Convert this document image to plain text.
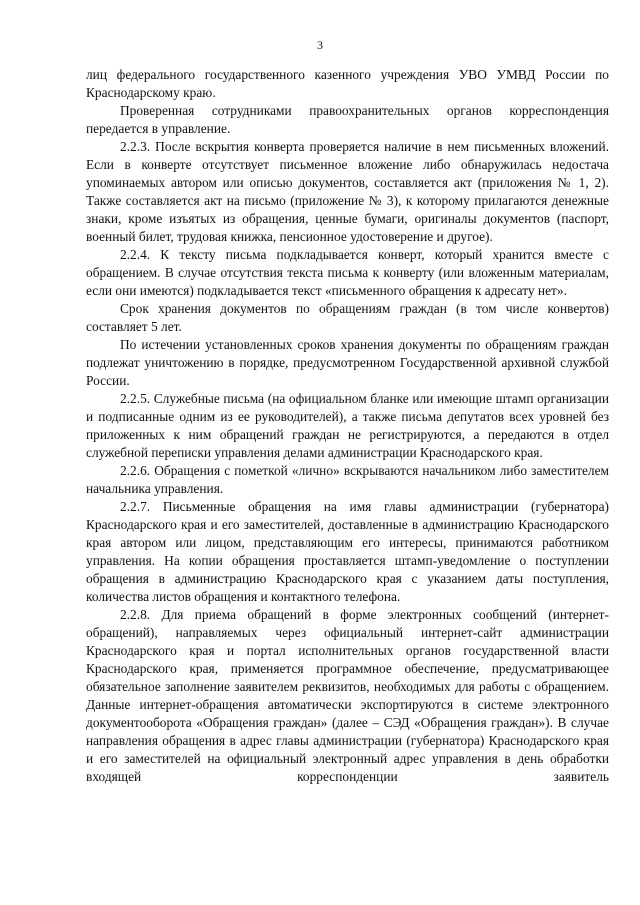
3

лиц федерального государственного казенного учреждения УВО УМВД России по Краснодарскому краю.

Проверенная сотрудниками правоохранительных органов корреспонденция передается в управление.

2.2.3. После вскрытия конверта проверяется наличие в нем письменных вложений. Если в конверте отсутствует письменное вложение либо обнаружилась недостача упоминаемых автором или описью документов, составляется акт (приложения № 1, 2). Также составляется акт на письмо (приложение № 3), к которому прилагаются денежные знаки, кроме изъятых из обращения, ценные бумаги, оригиналы документов (паспорт, военный билет, трудовая книжка, пенсионное удостоверение и другое).

2.2.4. К тексту письма подкладывается конверт, который хранится вместе с обращением. В случае отсутствия текста письма к конверту (или вложенным материалам, если они имеются) подкладывается текст «письменного обращения к адресату нет».

Срок хранения документов по обращениям граждан (в том числе конвертов) составляет 5 лет.

По истечении установленных сроков хранения документы по обращениям граждан подлежат уничтожению в порядке, предусмотренном Государственной архивной службой России.

2.2.5. Служебные письма (на официальном бланке или имеющие штамп организации и подписанные одним из ее руководителей), а также письма депутатов всех уровней без приложенных к ним обращений граждан не регистрируются, а передаются в отдел служебной переписки управления делами администрации Краснодарского края.

2.2.6. Обращения с пометкой «лично» вскрываются начальником либо заместителем начальника управления.

2.2.7. Письменные обращения на имя главы администрации (губернатора) Краснодарского края и его заместителей, доставленные в администрацию Краснодарского края автором или лицом, представляющим его интересы, принимаются работником управления. На копии обращения проставляется штамп-уведомление о поступлении обращения в администрацию Краснодарского края с указанием даты поступления, количества листов обращения и контактного телефона.

2.2.8. Для приема обращений в форме электронных сообщений (интернет-обращений), направляемых через официальный интернет-сайт администрации Краснодарского края и портал исполнительных органов государственной власти Краснодарского края, применяется программное обеспечение, предусматривающее обязательное заполнение заявителем реквизитов, необходимых для работы с обращением. Данные интернет-обращения автоматически экспортируются в системе электронного документооборота «Обращения граждан» (далее – СЭД «Обращения граждан»). В случае направления обращения в адрес главы администрации (губернатора) Краснодарского края и его заместителей на официальный электронный адрес управления в день обработки входящей корреспонденции заявитель
